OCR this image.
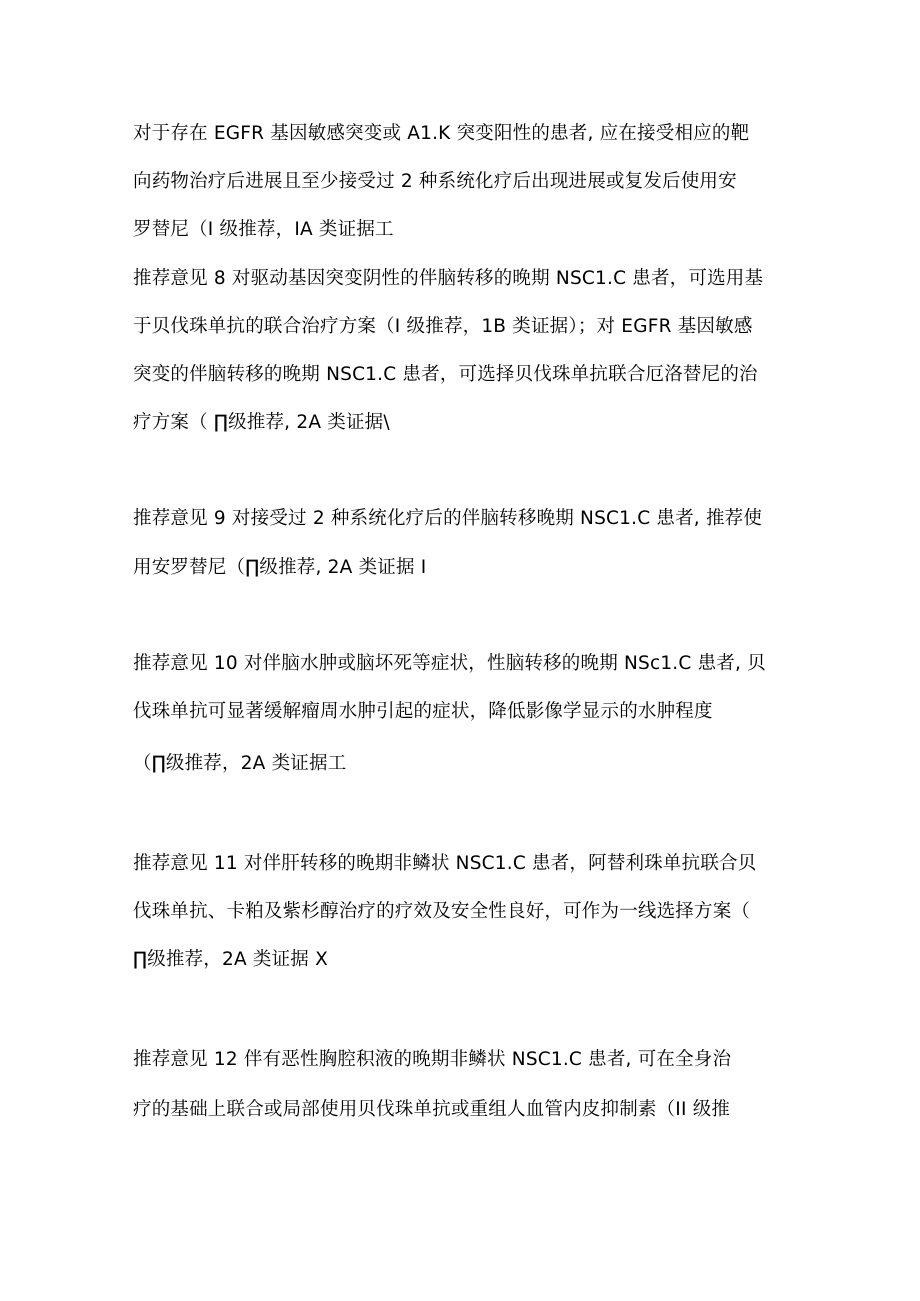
对于存在 EGFR 基因敏感突变或 A1.K 突变阳性的患者, 应在接受相应的靶
向药物治疗后进展且至少接受过 2 种系统化疗后出现进展或复发后使用安
罗替尼（I 级推荐，IA 类证据工
推荐意见 8 对驱动基因突变阴性的伴脑转移的晚期 NSC1.C 患者，可选用基
于贝伐珠单抗的联合治疗方案（I 级推荐，1B 类证据）；对 EGFR 基因敏感
突变的伴脑转移的晚期 NSC1.C 患者，可选择贝伐珠单抗联合厄洛替尼的治
疗方案（ ∏级推荐, 2A 类证据\
推荐意见 9 对接受过 2 种系统化疗后的伴脑转移晚期 NSC1.C 患者, 推荐使
用安罗替尼（∏级推荐, 2A 类证据 I
推荐意见 10 对伴脑水肿或脑坏死等症状，性脑转移的晚期 NSc1.C 患者, 贝
伐珠单抗可显著缓解瘤周水肿引起的症状，降低影像学显示的水肿程度
（∏级推荐，2A 类证据工
推荐意见 11 对伴肝转移的晚期非鳞状 NSC1.C 患者，阿替利珠单抗联合贝
伐珠单抗、卡粕及紫杉醇治疗的疗效及安全性良好，可作为一线选择方案（
∏级推荐，2A 类证据 X
推荐意见 12 伴有恶性胸腔积液的晚期非鳞状 NSC1.C 患者, 可在全身治
疗的基础上联合或局部使用贝伐珠单抗或重组人血管内皮抑制素（II 级推
